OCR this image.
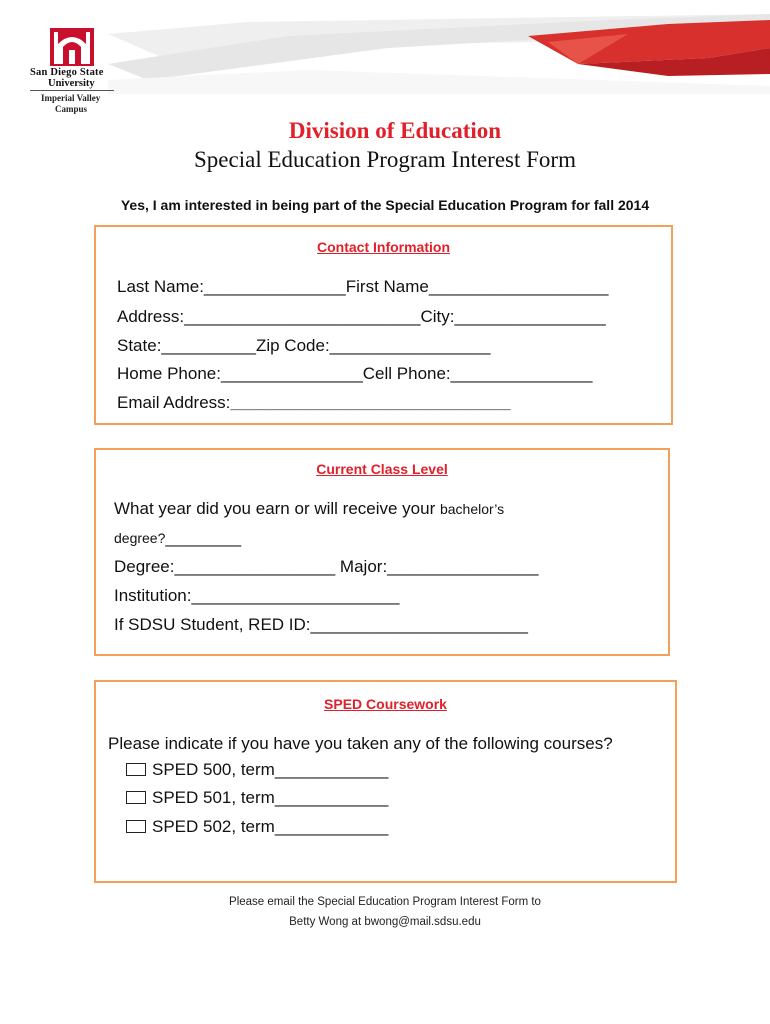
San Diego State
University
Imperial Valley
Campus
Division of Education
Special Education Program Interest Form
Yes, I am interested in being part of the Special Education Program for fall 2014
Contact Information
Last Name:_______________First Name___________________
Address:_________________________City:________________
State:__________Zip Code:_________________
Home Phone:_______________Cell Phone:_______________
Email Address:________________________________________________________
Current Class Level
What year did you earn or will receive your bachelor’s
degree?________
Degree:_________________ Major:________________
Institution:______________________
If SDSU Student, RED ID:_______________________
SPED Coursework
Please indicate if you have you taken any of the following courses?
SPED 500, term____________
SPED 501, term____________
SPED 502, term____________
Please email the Special Education Program Interest Form to
Betty Wong at bwong@mail.sdsu.edu
